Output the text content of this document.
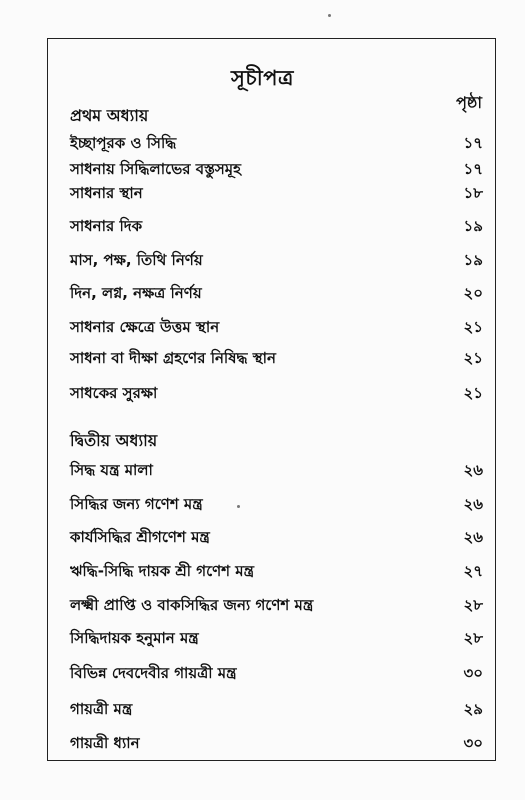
সূচীপত্র
পৃষ্ঠা
প্রথম অধ্যায়
ইচ্ছাপূরক ও সিদ্ধি	১৭
সাধনায় সিদ্ধিলাভের বস্তুসমূহ	১৭
সাধনার স্থান	১৮
সাধনার দিক	১৯
মাস, পক্ষ, তিথি নির্ণয়	১৯
দিন, লগ্ন, নক্ষত্র নির্ণয়	২০
সাধনার ক্ষেত্রে উত্তম স্থান	২১
সাধনা বা দীক্ষা গ্রহণের নিষিদ্ধ স্থান	২১
সাধকের সুরক্ষা	২১
দ্বিতীয় অধ্যায়
সিদ্ধ যন্ত্র মালা	২৬
সিদ্ধির জন্য গণেশ মন্ত্র	২৬
কার্যসিদ্ধির শ্রীগণেশ মন্ত্র	২৬
ঋদ্ধি-সিদ্ধি দায়ক শ্রী গণেশ মন্ত্র	২৭
লক্ষ্মী প্রাপ্তি ও বাকসিদ্ধির জন্য গণেশ মন্ত্র	২৮
সিদ্ধিদায়ক হনুমান মন্ত্র	২৮
বিভিন্ন দেবদেবীর গায়ত্রী মন্ত্র	৩০
গায়ত্রী মন্ত্র	২৯
গায়ত্রী ধ্যান	৩০
